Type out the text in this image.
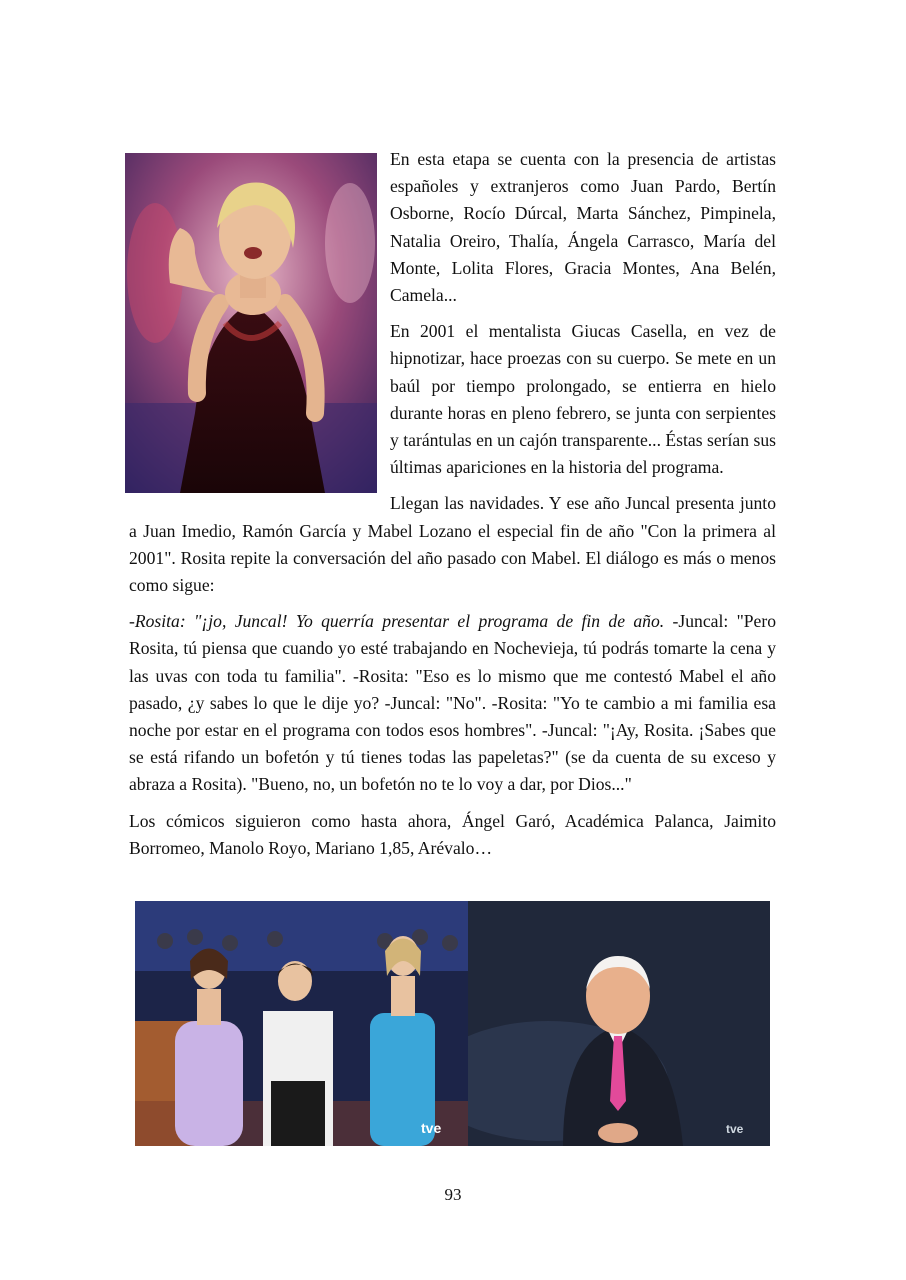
En esta etapa se cuenta con la presencia de artistas españoles y extranjeros como Juan Pardo, Bertín Osborne, Rocío Dúrcal, Marta Sánchez, Pimpinela, Natalia Oreiro, Thalía, Ángela Carrasco, María del Monte, Lolita Flores, Gracia Montes, Ana Belén, Camela...

En 2001 el mentalista Giucas Casella, en vez de hipnotizar, hace proezas con su cuerpo. Se mete en un baúl por tiempo prolongado, se entierra en hielo durante horas en pleno febrero, se junta con serpientes y tarántulas en un cajón transparente... Éstas serían sus últimas apariciones en la historia del programa.

Llegan las navidades. Y ese año Juncal presenta junto a Juan Imedio, Ramón García y Mabel Lozano el especial fin de año "Con la primera al 2001". Rosita repite la conversación del año pasado con Mabel. El diálogo es más o menos como sigue:

-Rosita: "¡jo, Juncal! Yo querría presentar el programa de fin de año. -Juncal: "Pero Rosita, tú piensa que cuando yo esté trabajando en Nochevieja, tú podrás tomarte la cena y las uvas con toda tu familia". -Rosita: "Eso es lo mismo que me contestó Mabel el año pasado, ¿y sabes lo que le dije yo? -Juncal: "No". -Rosita: "Yo te cambio a mi familia esa noche por estar en el programa con todos esos hombres". -Juncal: "¡Ay, Rosita. ¡Sabes que se está rifando un bofetón y tú tienes todas las papeletas?" (se da cuenta de su exceso y abraza a Rosita). "Bueno, no, un bofetón no te lo voy a dar, por Dios..."

Los cómicos siguieron como hasta ahora, Ángel Garó, Académica Palanca, Jaimito Borromeo, Manolo Royo, Mariano 1,85, Arévalo…

tve	tve
93
